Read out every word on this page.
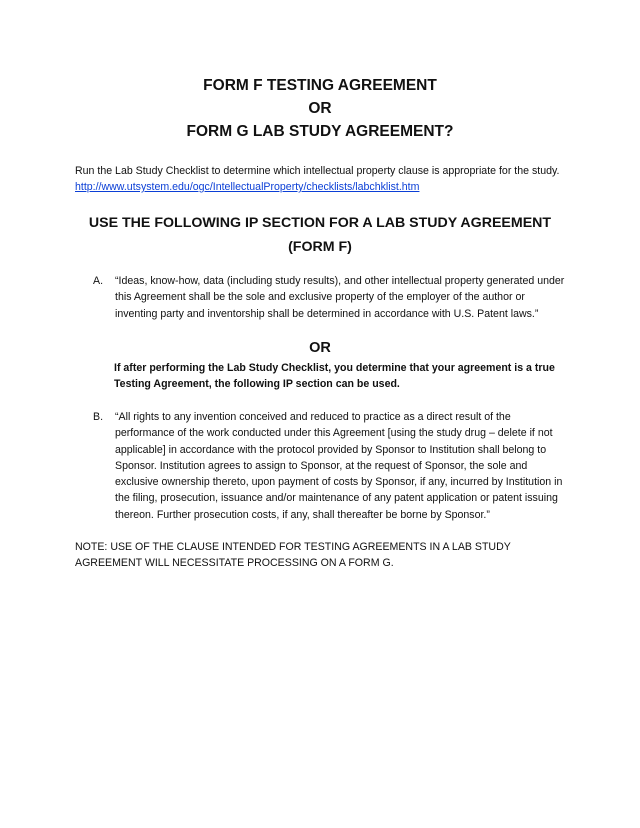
FORM F TESTING AGREEMENT
OR
FORM G LAB STUDY AGREEMENT?
Run the Lab Study Checklist to determine which intellectual property clause is appropriate for the study.
http://www.utsystem.edu/ogc/IntellectualProperty/checklists/labchklist.htm
USE THE FOLLOWING IP SECTION FOR A LAB STUDY AGREEMENT
(FORM F)
A.	“Ideas, know-how, data (including study results), and other intellectual property generated under this Agreement shall be the sole and exclusive property of the employer of the author or inventing party and inventorship shall be determined in accordance with U.S. Patent laws.”
OR
If after performing the Lab Study Checklist, you determine that your agreement is a true Testing Agreement, the following IP section can be used.
B.	“All rights to any invention conceived and reduced to practice as a direct result of the performance of the work conducted under this Agreement [using the study drug – delete if not applicable] in accordance with the protocol provided by Sponsor to Institution shall belong to Sponsor. Institution agrees to assign to Sponsor, at the request of Sponsor, the sole and exclusive ownership thereto, upon payment of costs by Sponsor, if any, incurred by Institution in the filing, prosecution, issuance and/or maintenance of any patent application or patent issuing thereon. Further prosecution costs, if any, shall thereafter be borne by Sponsor.”
NOTE: USE OF THE CLAUSE INTENDED FOR TESTING AGREEMENTS IN A LAB STUDY AGREEMENT WILL NECESSITATE PROCESSING ON A FORM G.
